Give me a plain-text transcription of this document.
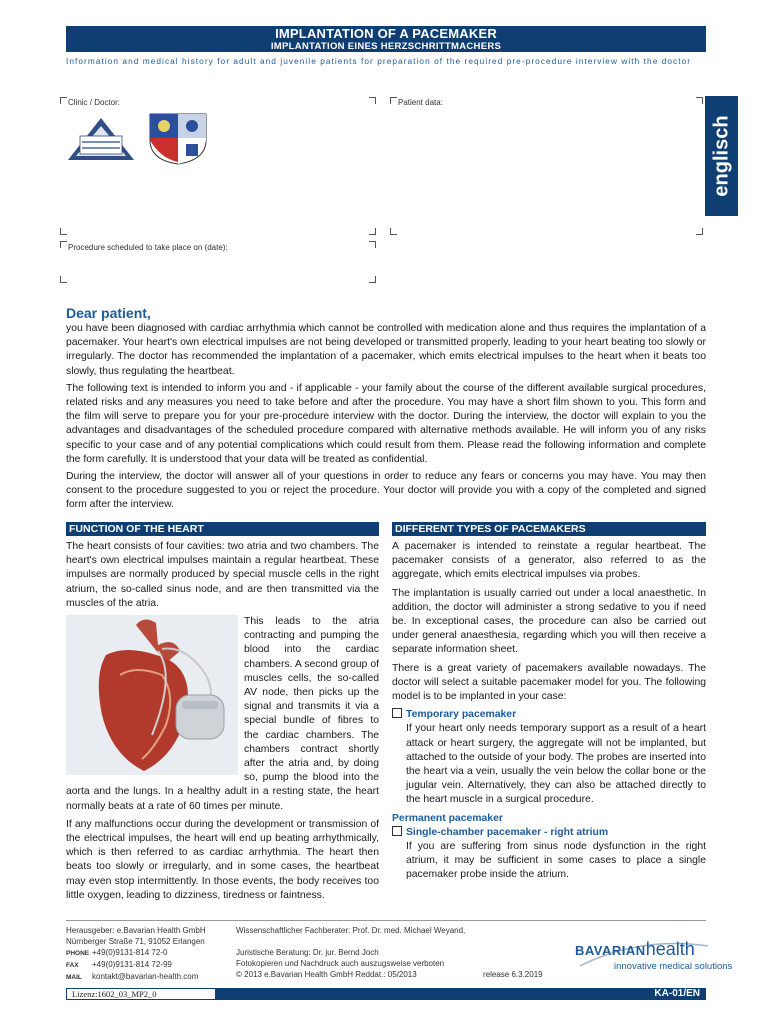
IMPLANTATION OF A PACEMAKER
IMPLANTATION EINES HERZSCHRITTMACHERS
Information and medical history for adult and juvenile patients for preparation of the required pre-procedure interview with the doctor
Clinic / Doctor:	Patient data:
englisch
Procedure scheduled to take place on (date):
Dear patient,

you have been diagnosed with cardiac arrhythmia which cannot be controlled with medication alone and thus requires the implantation of a pacemaker. Your heart's own electrical impulses are not being developed or transmitted properly, leading to your heart beating too slowly or irregularly. The doctor has recommended the implantation of a pacemaker, which emits electrical impulses to the heart when it beats too slowly, thus regulating the heartbeat.

The following text is intended to inform you and - if applicable - your family about the course of the different available surgical procedures, related risks and any measures you need to take before and after the procedure. You may have a short film shown to you. This form and the film will serve to prepare you for your pre-procedure interview with the doctor. During the interview, the doctor will explain to you the advantages and disadvantages of the scheduled procedure compared with alternative methods available. He will inform you of any risks specific to your case and of any potential complications which could result from them. Please read the following information and complete the form carefully. It is understood that your data will be treated as confidential.

During the interview, the doctor will answer all of your questions in order to reduce any fears or concerns you may have. You may then consent to the procedure suggested to you or reject the procedure. Your doctor will provide you with a copy of the completed and signed form after the interview.

FUNCTION OF THE HEART

The heart consists of four cavities: two atria and two chambers. The heart's own electrical impulses maintain a regular heartbeat. These impulses are normally produced by special muscle cells in the right atrium, the so-called sinus node, and are then transmitted via the muscles of the atria.

This leads to the atria contracting and pumping the blood into the cardiac chambers. A second group of muscles cells, the so-called AV node, then picks up the signal and transmits it via a special bundle of fibres to the cardiac chambers. The chambers contract shortly after the atria and, by doing so, pump the blood into the aorta and the lungs. In a healthy adult in a resting state, the heart normally beats at a rate of 60 times per minute.

If any malfunctions occur during the development or transmission of the electrical impulses, the heart will end up beating arrhythmically, which is then referred to as cardiac arrhythmia. The heart then beats too slowly or irregularly, and in some cases, the heartbeat may even stop intermittently. In those events, the body receives too little oxygen, leading to dizziness, tiredness or faintness.

DIFFERENT TYPES OF PACEMAKERS

A pacemaker is intended to reinstate a regular heartbeat. The pacemaker consists of a generator, also referred to as the aggregate, which emits electrical impulses via probes.

The implantation is usually carried out under a local anaesthetic. In addition, the doctor will administer a strong sedative to you if need be. In exceptional cases, the procedure can also be carried out under general anaesthesia, regarding which you will then receive a separate information sheet.

There is a great variety of pacemakers available nowadays. The doctor will select a suitable pacemaker model for you. The following model is to be implanted in your case:

Temporary pacemaker

If your heart only needs temporary support as a result of a heart attack or heart surgery, the aggregate will not be implanted, but attached to the outside of your body. The probes are inserted into the heart via a vein, usually the vein below the collar bone or the jugular vein. Alternatively, they can also be attached directly to the heart muscle in a surgical procedure.

Permanent pacemaker
Single-chamber pacemaker - right atrium

If you are suffering from sinus node dysfunction in the right atrium, it may be sufficient in some cases to place a single pacemaker probe inside the atrium.

Herausgeber: e.Bavarian Health GmbH
Nürnberger Straße 71, 91052 Erlangen
PHONE +49(0)9131-814 72-0
FAX +49(0)9131-814 72-99
MAIL kontakt@bavarian-health.com
Wissenschaftlicher Fachberater: Prof. Dr. med. Michael Weyand,
Juristische Beratung: Dr. jur. Bernd Joch
Fotokopieren und Nachdruck auch auszugsweise verboten
© 2013 e.Bavarian Health GmbH Reddat.: 05/2013	release 6.3.2019
BAVARIANhealth
innovative medical solutions
Lizenz:1602_03_MP2_0	KA-01/EN
